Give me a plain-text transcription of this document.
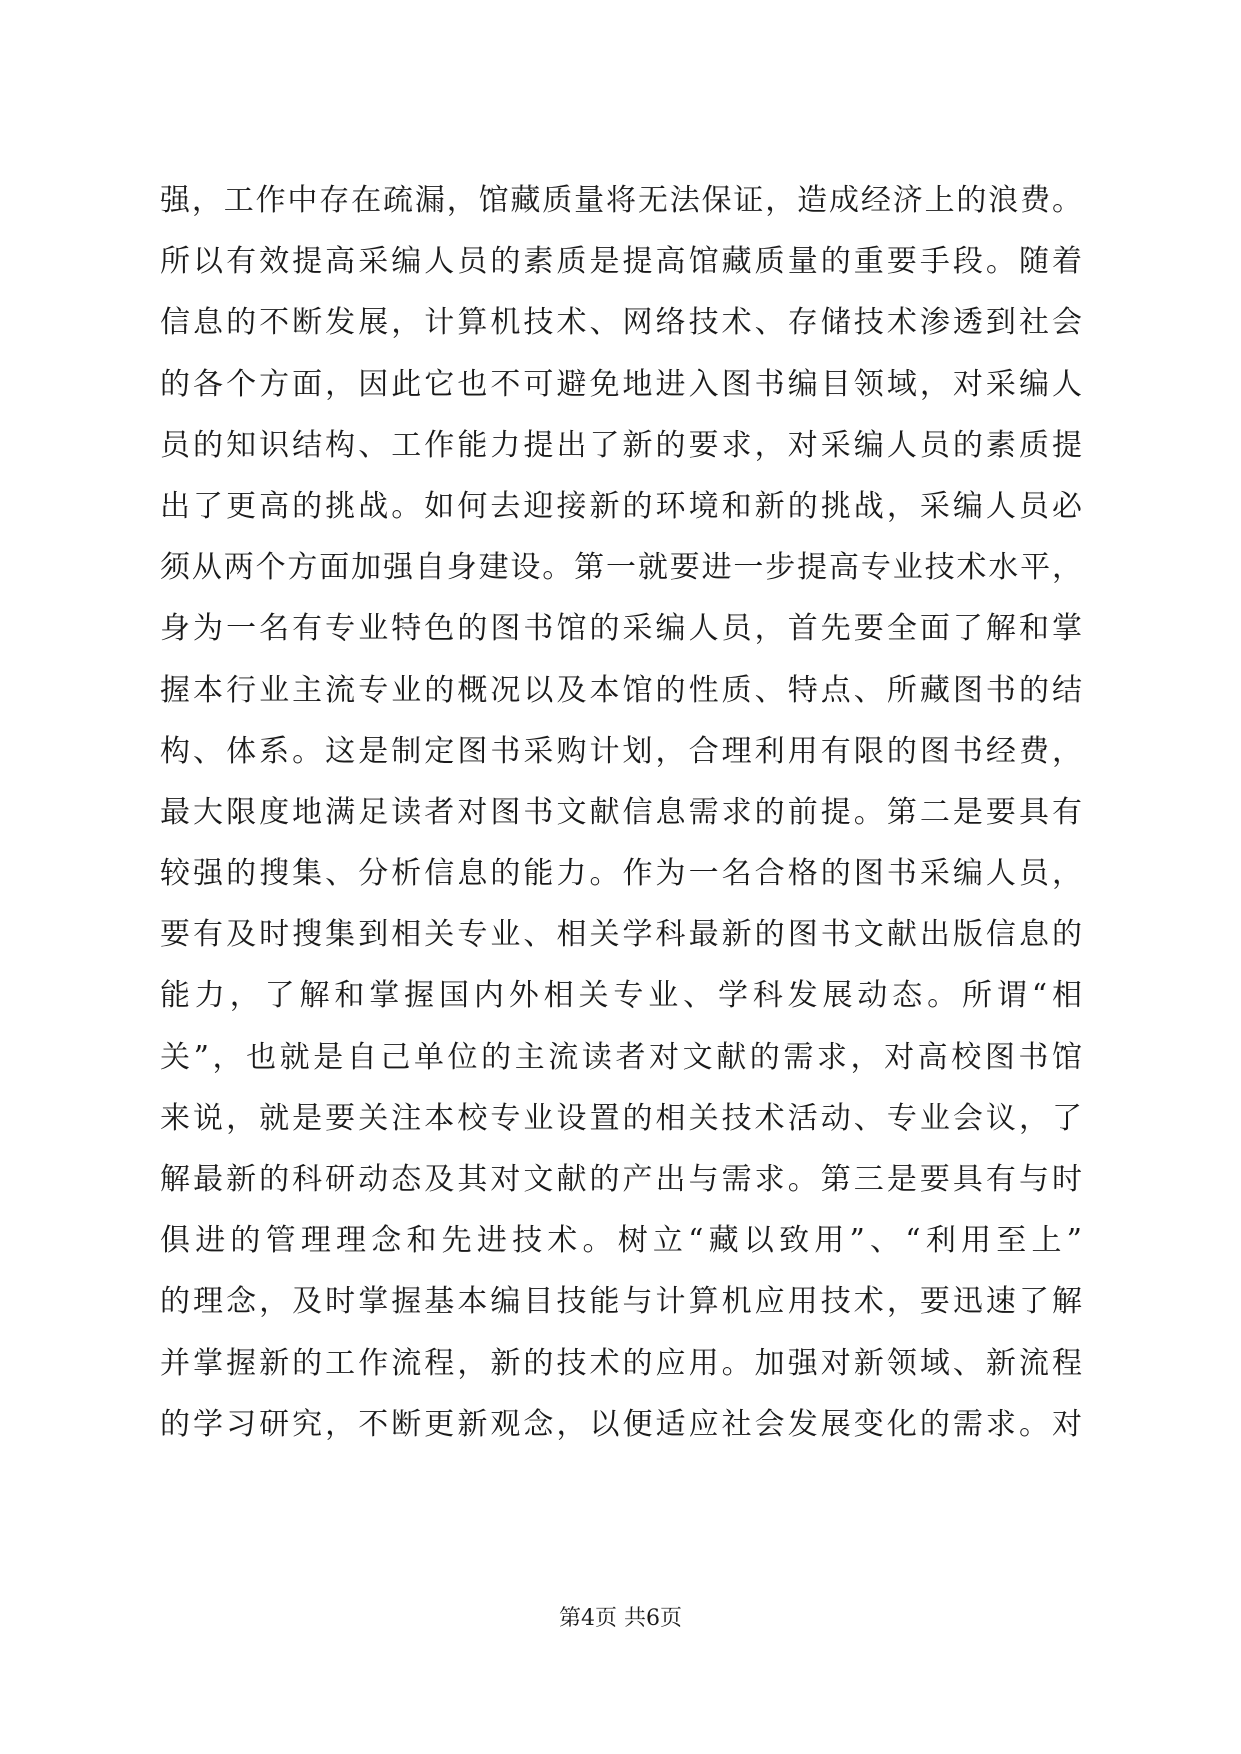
强，工作中存在疏漏，馆藏质量将无法保证，造成经济上的浪费。
所以有效提高采编人员的素质是提高馆藏质量的重要手段。随着
信息的不断发展，计算机技术、网络技术、存储技术渗透到社会
的各个方面，因此它也不可避免地进入图书编目领域，对采编人
员的知识结构、工作能力提出了新的要求，对采编人员的素质提
出了更高的挑战。如何去迎接新的环境和新的挑战，采编人员必
须从两个方面加强自身建设。第一就要进一步提高专业技术水平，
身为一名有专业特色的图书馆的采编人员，首先要全面了解和掌
握本行业主流专业的概况以及本馆的性质、特点、所藏图书的结
构、体系。这是制定图书采购计划，合理利用有限的图书经费，
最大限度地满足读者对图书文献信息需求的前提。第二是要具有
较强的搜集、分析信息的能力。作为一名合格的图书采编人员，
要有及时搜集到相关专业、相关学科最新的图书文献出版信息的
能力，了解和掌握国内外相关专业、学科发展动态。所谓“相
关”，也就是自己单位的主流读者对文献的需求，对高校图书馆
来说，就是要关注本校专业设置的相关技术活动、专业会议，了
解最新的科研动态及其对文献的产出与需求。第三是要具有与时
俱进的管理理念和先进技术。树立“藏以致用”、“利用至上”
的理念，及时掌握基本编目技能与计算机应用技术，要迅速了解
并掌握新的工作流程，新的技术的应用。加强对新领域、新流程
的学习研究，不断更新观念，以便适应社会发展变化的需求。对
第4页 共6页
